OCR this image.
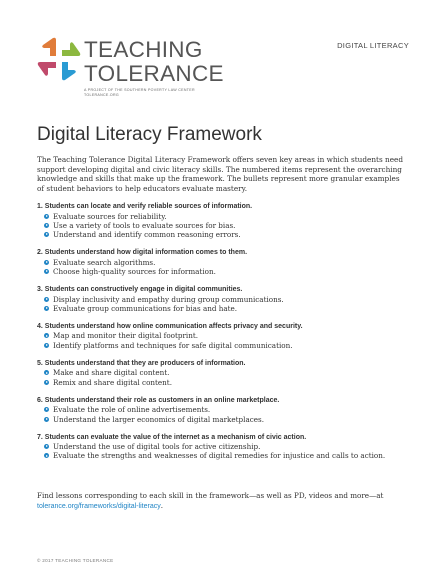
TEACHING
TOLERANCE
A PROJECT OF THE SOUTHERN POVERTY LAW CENTER
TOLERANCE.ORG
DIGITAL LITERACY
Digital Literacy Framework

The Teaching Tolerance Digital Literacy Framework offers seven key areas in which students need support developing digital and civic literacy skills. The numbered items represent the overarching knowledge and skills that make up the framework. The bullets represent more granular examples of student behaviors to help educators evaluate mastery.

1. Students can locate and verify reliable sources of information.
Evaluate sources for reliability.
Use a variety of tools to evaluate sources for bias.
Understand and identify common reasoning errors.
2. Students understand how digital information comes to them.
Evaluate search algorithms.
Choose high-quality sources for information.
3. Students can constructively engage in digital communities.
Display inclusivity and empathy during group communications.
Evaluate group communications for bias and hate.
4. Students understand how online communication affects privacy and security.
Map and monitor their digital footprint.
Identify platforms and techniques for safe digital communication.
5. Students understand that they are producers of information.
Make and share digital content.
Remix and share digital content.
6. Students understand their role as customers in an online marketplace.
Evaluate the role of online advertisements.
Understand the larger economics of digital marketplaces.
7. Students can evaluate the value of the internet as a mechanism of civic action.
Understand the use of digital tools for active citizenship.
Evaluate the strengths and weaknesses of digital remedies for injustice and calls to action.

Find lessons corresponding to each skill in the framework—as well as PD, videos and more—at
tolerance.org/frameworks/digital-literacy.

© 2017 TEACHING TOLERANCE
